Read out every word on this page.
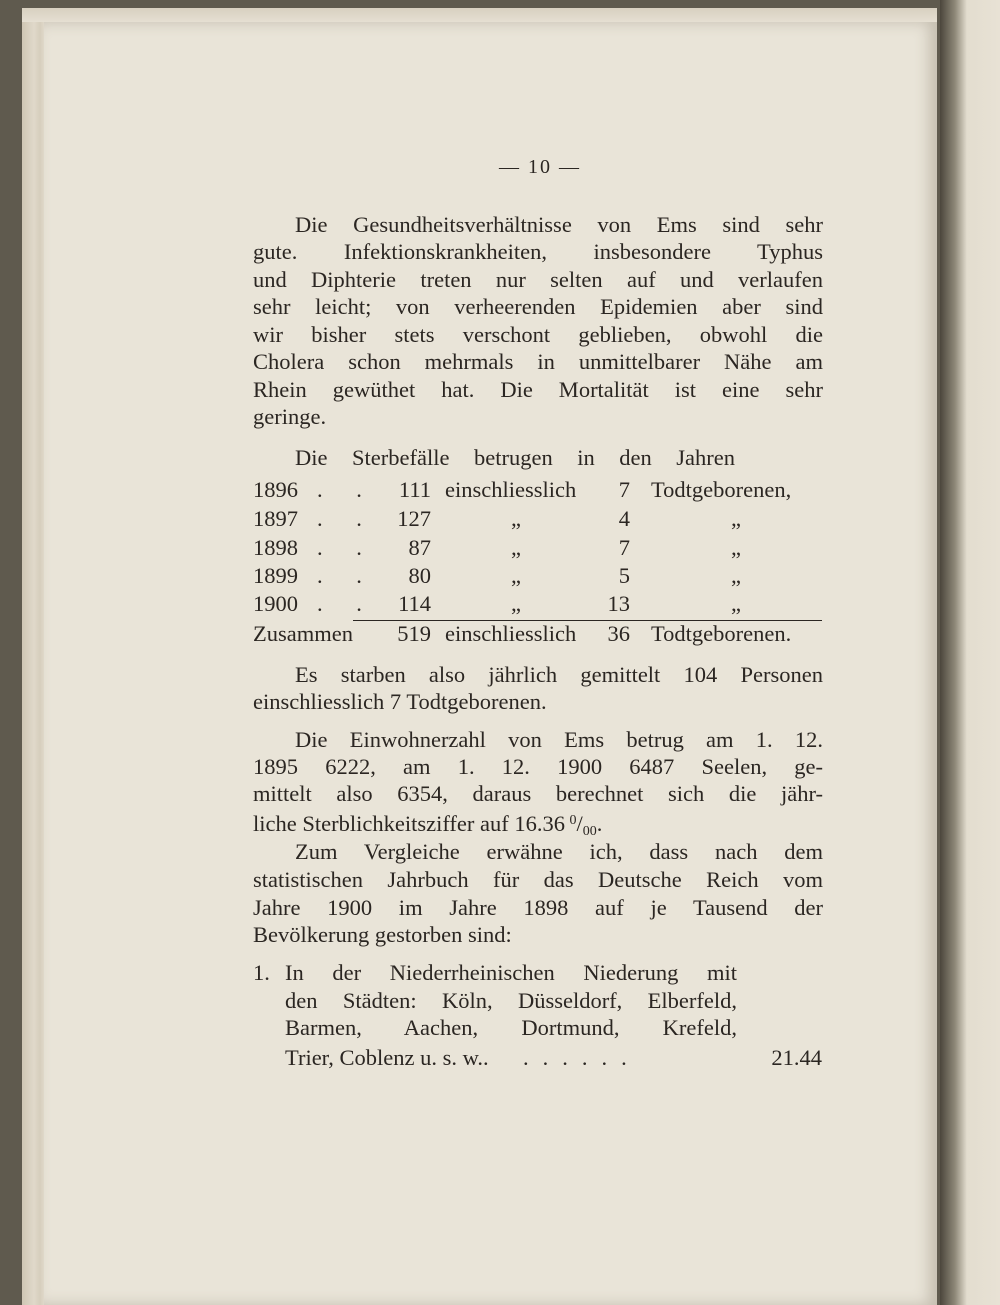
— 10 —
Die Gesundheitsverhältnisse von Ems sind sehr
gute. Infektionskrankheiten, insbesondere Typhus
und Diphterie treten nur selten auf und verlaufen
sehr leicht; von verheerenden Epidemien aber sind
wir bisher stets verschont geblieben, obwohl die
Cholera schon mehrmals in unmittelbarer Nähe am
Rhein gewüthet hat. Die Mortalität ist eine sehr
geringe.
Die Sterbefälle betrugen in den Jahren
1896 . . 111 einschliesslich 7 Todtgeborenen,
1897 . . 127	„	4	„
1898 . . 87	„	7	„
1899 . . 80	„	5	„
1900 . . 114	„	13	„
Zusammen 519 einschliesslich 36 Todtgeborenen.
Es starben also jährlich gemittelt 104 Personen
einschliesslich 7 Todtgeborenen.
Die Einwohnerzahl von Ems betrug am 1. 12.
1895 6222, am 1. 12. 1900 6487 Seelen, ge-
mittelt also 6354, daraus berechnet sich die jähr-
liche Sterblichkeitsziffer auf 16.36  $^0/_{00}$.
Zum Vergleiche erwähne ich, dass nach dem
statistischen Jahrbuch für das Deutsche Reich vom
Jahre 1900 im Jahre 1898 auf je Tausend der
Bevölkerung gestorben sind:
1. In der Niederrheinischen Niederung mit
den Städten: Köln, Düsseldorf, Elberfeld,
Barmen, Aachen, Dortmund, Krefeld,
Trier, Coblenz u. s. w..	......	21.44
